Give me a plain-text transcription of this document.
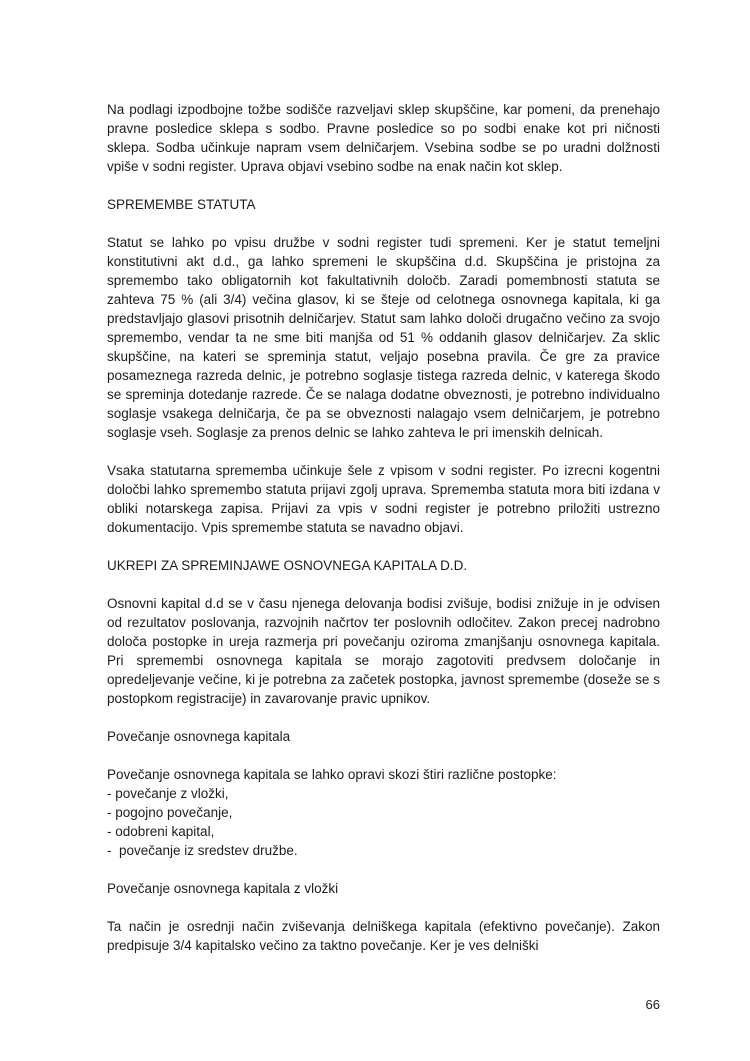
Na podlagi izpodbojne tožbe sodišče razveljavi sklep skupščine, kar pomeni, da prenehajo pravne posledice sklepa s sodbo. Pravne posledice so po sodbi enake kot pri ničnosti sklepa. Sodba učinkuje napram vsem delničarjem. Vsebina sodbe se po uradni dolžnosti vpiše v sodni register. Uprava objavi vsebino sodbe na enak način kot sklep.

SPREMEMBE STATUTA

Statut se lahko po vpisu družbe v sodni register tudi spremeni. Ker je statut temeljni konstitutivni akt d.d., ga lahko spremeni le skupščina d.d. Skupščina je pristojna za spremembo tako obligatornih kot fakultativnih določb. Zaradi pomembnosti statuta se zahteva 75 % (ali 3/4) večina glasov, ki se šteje od celotnega osnovnega kapitala, ki ga predstavljajo glasovi prisotnih delničarjev. Statut sam lahko določi drugačno večino za svojo spremembo, vendar ta ne sme biti manjša od 51 % oddanih glasov delničarjev. Za sklic skupščine, na kateri se spreminja statut, veljajo posebna pravila. Če gre za pravice posameznega razreda delnic, je potrebno soglasje tistega razreda delnic, v katerega škodo se spreminja dotedanje razrede. Če se nalaga dodatne obveznosti, je potrebno individualno soglasje vsakega delničarja, če pa se obveznosti nalagajo vsem delničarjem, je potrebno soglasje vseh. Soglasje za prenos delnic se lahko zahteva le pri imenskih delnicah.

Vsaka statutarna sprememba učinkuje šele z vpisom v sodni register. Po izrecni kogentni določbi lahko spremembo statuta prijavi zgolj uprava. Sprememba statuta mora biti izdana v obliki notarskega zapisa. Prijavi za vpis v sodni register je potrebno priložiti ustrezno dokumentacijo. Vpis spremembe statuta se navadno objavi.

UKREPI ZA SPREMINJAWE OSNOVNEGA KAPITALA D.D.

Osnovni kapital d.d se v času njenega delovanja bodisi zvišuje, bodisi znižuje in je odvisen od rezultatov poslovanja, razvojnih načrtov ter poslovnih odločitev. Zakon precej nadrobno določa postopke in ureja razmerja pri povečanju oziroma zmanjšanju osnovnega kapitala. Pri spremembi osnovnega kapitala se morajo zagotoviti predvsem določanje in opredeljevanje večine, ki je potrebna za začetek postopka, javnost spremembe (doseže se s postopkom registracije) in zavarovanje pravic upnikov.

Povečanje osnovnega kapitala

Povečanje osnovnega kapitala se lahko opravi skozi štiri različne postopke:
- povečanje z vložki,
- pogojno povečanje,
- odobreni kapital,
-  povečanje iz sredstev družbe.

Povečanje osnovnega kapitala z vložki

Ta način je osrednji način zviševanja delniškega kapitala (efektivno povečanje). Zakon predpisuje 3/4 kapitalsko večino za taktno povečanje. Ker je ves delniški

66
